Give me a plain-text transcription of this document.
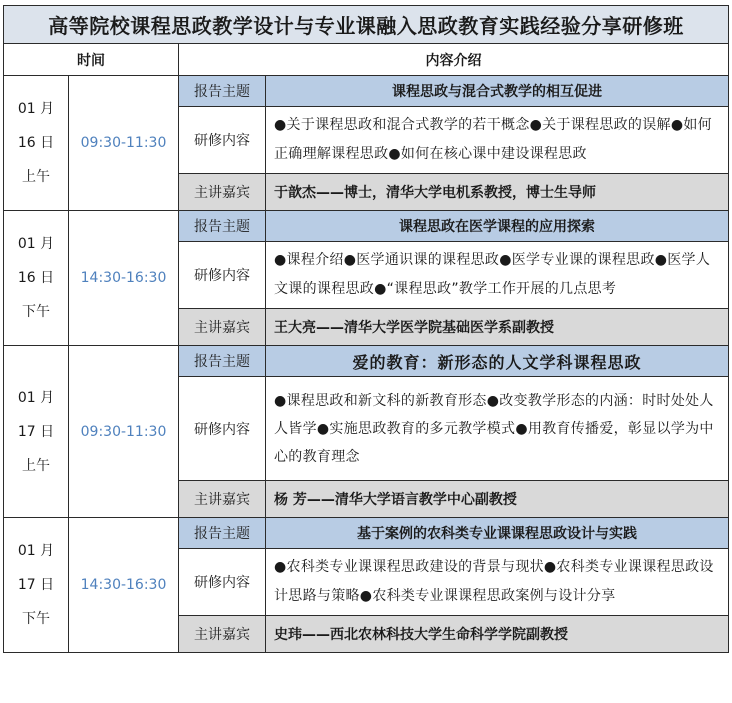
高等院校课程思政教学设计与专业课融入思政教育实践经验分享研修班			
时间		内容介绍	

01 月
16 日
上午	09:30-11:30	报告主题	课程思政与混合式教学的相互促进
		研修内容	●关于课程思政和混合式教学的若干概念●关于课程思政的误解●如何正确理解课程思政●如何在核心课中建设课程思政
		主讲嘉宾	于歆杰——博士，清华大学电机系教授，博士生导师

01 月
16 日
下午	14:30-16:30	报告主题	课程思政在医学课程的应用探索
		研修内容	●课程介绍●医学通识课的课程思政●医学专业课的课程思政●医学人文课的课程思政●“课程思政”教学工作开展的几点思考
		主讲嘉宾	王大亮——清华大学医学院基础医学系副教授

01 月
17 日
上午	09:30-11:30	报告主题	爱的教育：新形态的人文学科课程思政
		研修内容	●课程思政和新文科的新教育形态●改变教学形态的内涵：时时处处人人皆学●实施思政教育的多元教学模式●用教育传播爱，彰显以学为中心的教育理念
		主讲嘉宾	杨 芳——清华大学语言教学中心副教授

01 月
17 日
下午	14:30-16:30	报告主题	基于案例的农科类专业课课程思政设计与实践
		研修内容	●农科类专业课课程思政建设的背景与现状●农科类专业课课程思政设计思路与策略●农科类专业课课程思政案例与设计分享
		主讲嘉宾	史玮——西北农林科技大学生命科学学院副教授
